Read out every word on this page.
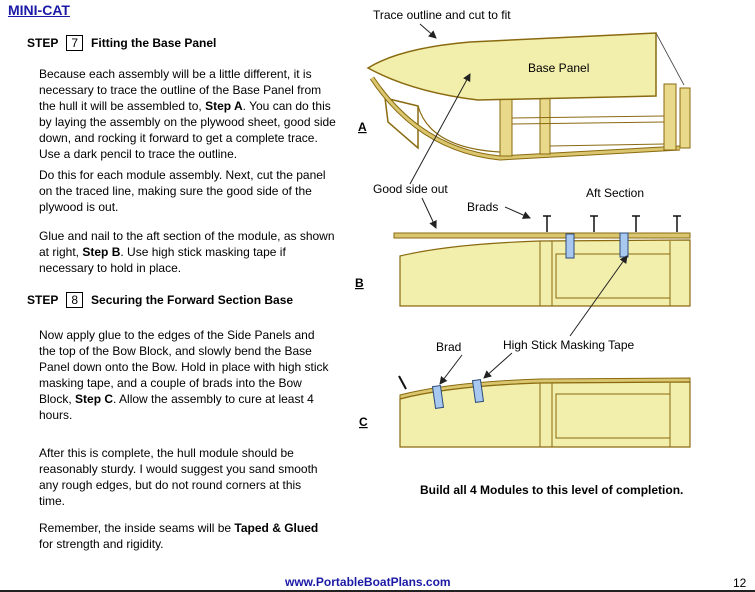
MINI-CAT
STEP 7 Fitting the Base Panel
Because each assembly will be a little different, it is necessary to trace the outline of the Base Panel from the hull it will be assembled to, Step A. You can do this by laying the assembly on the plywood sheet, good side down, and rocking it forward to get a complete trace. Use a dark pencil to trace the outline.
Do this for each module assembly. Next, cut the panel on the traced line, making sure the good side of the plywood is out.
Glue and nail to the aft section of the module, as shown at right, Step B. Use high stick masking tape if necessary to hold in place.
STEP 8 Securing the Forward Section Base
Now apply glue to the edges of the Side Panels and the top of the Bow Block, and slowly bend the Base Panel down onto the Bow. Hold in place with high stick masking tape, and a couple of brads into the Bow Block, Step C. Allow the assembly to cure at least 4 hours.
After this is complete, the hull module should be reasonably sturdy. I would suggest you sand smooth any rough edges, but do not round corners at this time.
Remember, the inside seams will be Taped & Glued for strength and rigidity.
Base Panel
Trace outline and cut to fit
A
Good side out	Aft Section
Brads
B
High Stick Masking Tape
Brad
C
Build all 4 Modules to this level of completion.
www.PortableBoatPlans.com	12
